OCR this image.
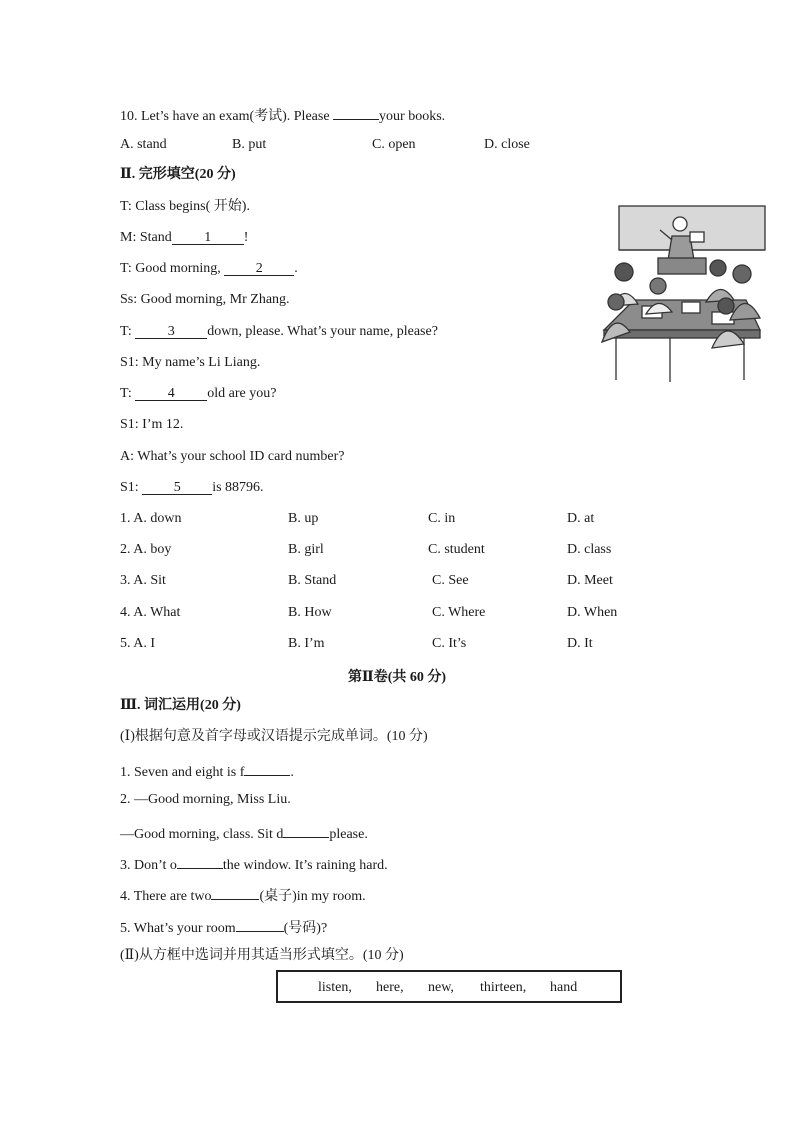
10. Let’s have an exam(考试). Please	your books.
A. stand	B. put	C. open	D. close
Ⅱ. 完形填空(20 分)
T: Class begins( 开始).
M: Stand 1 !
T: Good morning, 2 .
Ss: Good morning, Mr Zhang.
T: 3 down, please. What’s your name, please?
S1: My name’s Li Liang.
T: 4 old are you?
S1: I’m 12.
A: What’s your school ID card number?
S1: 5 is 88796.
1. A. down	B. up	C. in	D. at
2. A. boy	B. girl	C. student	D. class
3. A. Sit	B. Stand	C. See	D. Meet
4. A. What	B. How	C. Where	D. When
5. A. I	B. I’m	C. It’s	D. It
第Ⅱ卷(共 60 分)
Ⅲ. 词汇运用(20 分)
(Ⅰ)根据句意及首字母或汉语提示完成单词。(10 分)
1. Seven and eight is f	.
2. —Good morning, Miss Liu.
—Good morning, class. Sit d	please.
3. Don’t o	the window. It’s raining hard.
4. There are two	(桌子)in my room.
5. What’s your room	(号码)?
(Ⅱ)从方框中选词并用其适当形式填空。(10 分)
listen, here, new, thirteen, hand
